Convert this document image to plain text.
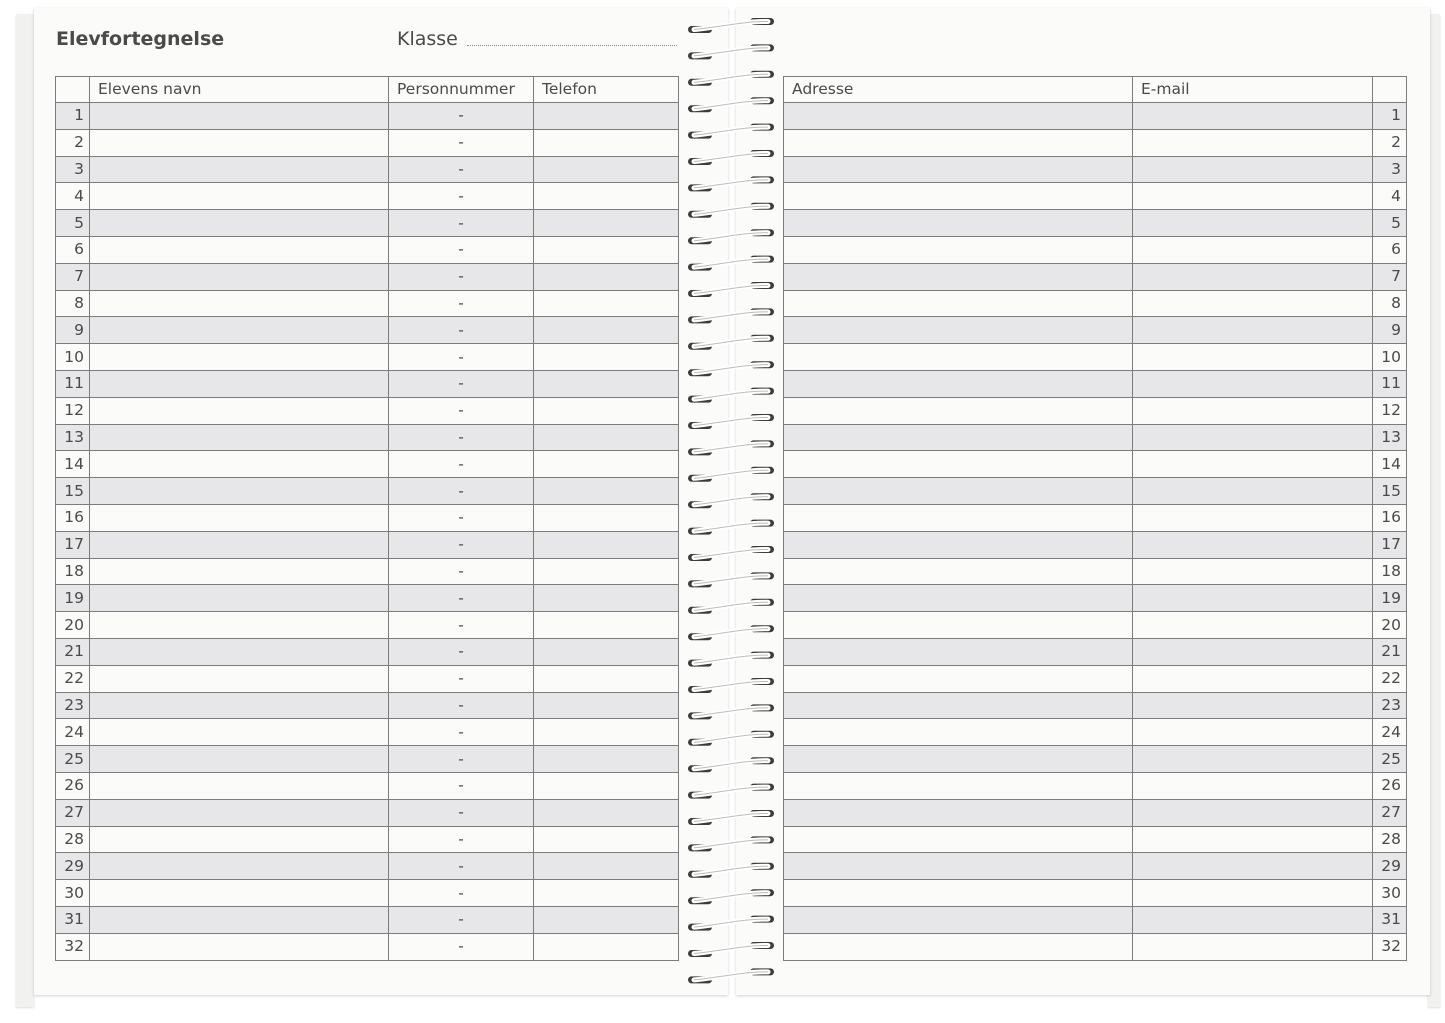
Elevfortegnelse	Klasse
	Elevens navn	Personnummer	Telefon
1		-	
2		-	
3		-	
4		-	
5		-	
6		-	
7		-	
8		-	
9		-	
10		-	
11		-	
12		-	
13		-	
14		-	
15		-	
16		-	
17		-	
18		-	
19		-	
20		-	
21		-	
22		-	
23		-	
24		-	
25		-	
26		-	
27		-	
28		-	
29		-	
30		-	
31		-	
32		-	
Adresse	E-mail	
		1
		2
		3
		4
		5
		6
		7
		8
		9
		10
		11
		12
		13
		14
		15
		16
		17
		18
		19
		20
		21
		22
		23
		24
		25
		26
		27
		28
		29
		30
		31
		32
